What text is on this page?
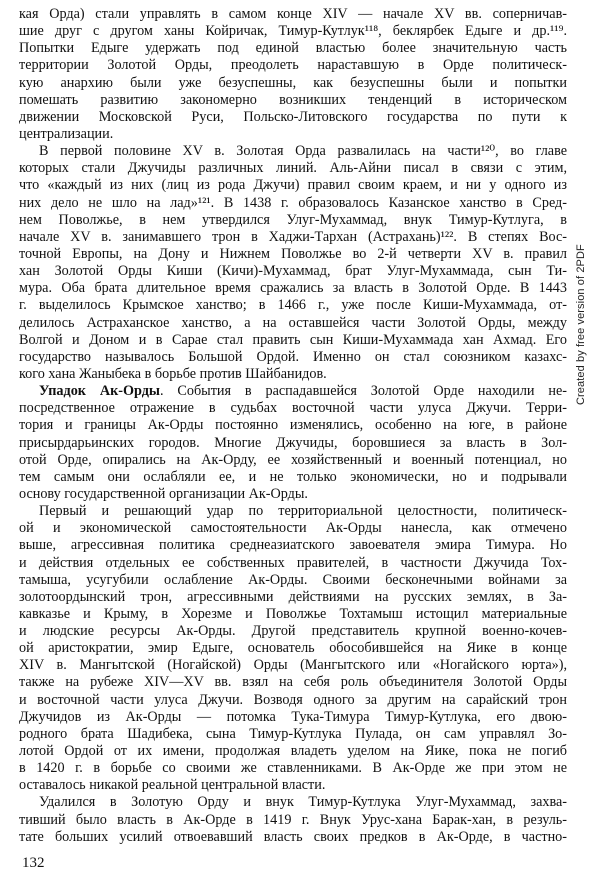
кая Орда) стали управлять в самом конце XIV — начале XV вв. соперничав-
шие друг с другом ханы Койричак, Тимур-Кутлук¹¹⁸, беклярбек Едыге и др.¹¹⁹.
Попытки Едыге удержать под единой властью более значительную часть
территории Золотой Орды, преодолеть нараставшую в Орде политическ-
кую анархию были уже безуспешны, как безуспешны были и попытки
помешать развитию закономерно возникших тенденций в историческом
движении Московской Руси, Польско-Литовского государства по пути к
централизации.
В первой половине XV в. Золотая Орда развалилась на части¹²⁰, во главе
которых стали Джучиды различных линий. Аль-Айни писал в связи с этим,
что «каждый из них (лиц из рода Джучи) правил своим краем, и ни у одного из
них дело не шло на лад»¹²¹. В 1438 г. образовалось Казанское ханство в Сред-
нем Поволжье, в нем утвердился Улуг-Мухаммад, внук Тимур-Кутлуга, в
начале XV в. занимавшего трон в Хаджи-Тархан (Астрахань)¹²². В степях Вос-
точной Европы, на Дону и Нижнем Поволжье во 2-й четверти XV в. правил
хан Золотой Орды Киши (Кичи)-Мухаммад, брат Улуг-Мухаммада, сын Ти-
мура. Оба брата длительное время сражались за власть в Золотой Орде. В 1443
г. выделилось Крымское ханство; в 1466 г., уже после Киши-Мухаммада, от-
делилось Астраханское ханство, а на оставшейся части Золотой Орды, между
Волгой и Доном и в Сарае стал править сын Киши-Мухаммада хан Ахмад. Его
государство называлось Большой Ордой. Именно он стал союзником казахс-
кого хана Жаныбека в борьбе против Шайбанидов.
Упадок Ак-Орды. События в распадавшейся Золотой Орде находили не-
посредственное отражение в судьбах восточной части улуса Джучи. Терри-
тория и границы Ак-Орды постоянно изменялись, особенно на юге, в районе
присырдарьинских городов. Многие Джучиды, боровшиеся за власть в Зол-
отой Орде, опирались на Ак-Орду, ее хозяйственный и военный потенциал, но
тем самым они ослабляли ее, и не только экономически, но и подрывали
основу государственной организации Ак-Орды.
Первый и решающий удар по территориальной целостности, политическ-
ой и экономической самостоятельности Ак-Орды нанесла, как отмечено
выше, агрессивная политика среднеазиатского завоевателя эмира Тимура. Но
и действия отдельных ее собственных правителей, в частности Джучида Тох-
тамыша, усугубили ослабление Ак-Орды. Своими бесконечными войнами за
золотоордынский трон, агрессивными действиями на русских землях, в За-
кавказье и Крыму, в Хорезме и Поволжье Тохтамыш истощил материальные
и людские ресурсы Ак-Орды. Другой представитель крупной военно-кочев-
ой аристократии, эмир Едыге, основатель обособившейся на Яике в конце
XIV в. Мангытской (Ногайской) Орды (Мангытского или «Ногайского юрта»),
также на рубеже XIV—XV вв. взял на себя роль объединителя Золотой Орды
и восточной части улуса Джучи. Возводя одного за другим на сарайский трон
Джучидов из Ак-Орды — потомка Тука-Тимура Тимур-Кутлука, его двою-
родного брата Шадибека, сына Тимур-Кутлука Пулада, он сам управлял Зо-
лотой Ордой от их имени, продолжая владеть уделом на Яике, пока не погиб
в 1420 г. в борьбе со своими же ставленниками. В Ак-Орде же при этом не
оставалось никакой реальной центральной власти.
Удалился в Золотую Орду и внук Тимур-Кутлука Улуг-Мухаммад, захва-
тивший было власть в Ак-Орде в 1419 г. Внук Урус-хана Барак-хан, в резуль-
тате больших усилий отвоевавший власть своих предков в Ак-Орде, в частно-
Created by free version of 2PDF
132
